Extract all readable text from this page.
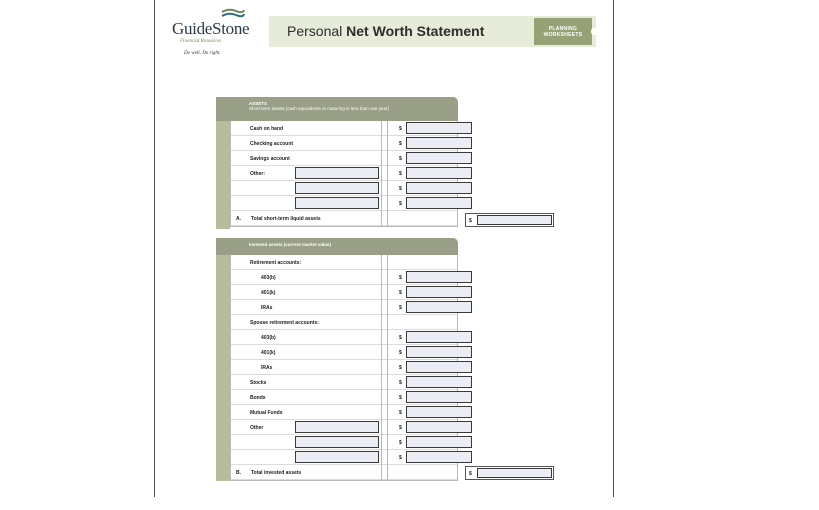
GuideStone
Financial Resources
Do well. Do right.
Personal Net Worth Statement	PLANNING
WORKSHEETS
ASSETS
Short-term assets (cash equivalents or maturing in less than one year)
Cash on hand	$
Checking account	$
Savings account	$
Other:	$
$
$
A. Total short-term liquid assets	$
Invested assets (current market value)
Retirement accounts:
403(b)	$
401(k)	$
IRAs	$
Spouse retirement accounts:
403(b)	$
401(k)	$
IRAs	$
Stocks	$
Bonds	$
Mutual Funds	$
Other	$
$
$
B. Total invested assets	$
